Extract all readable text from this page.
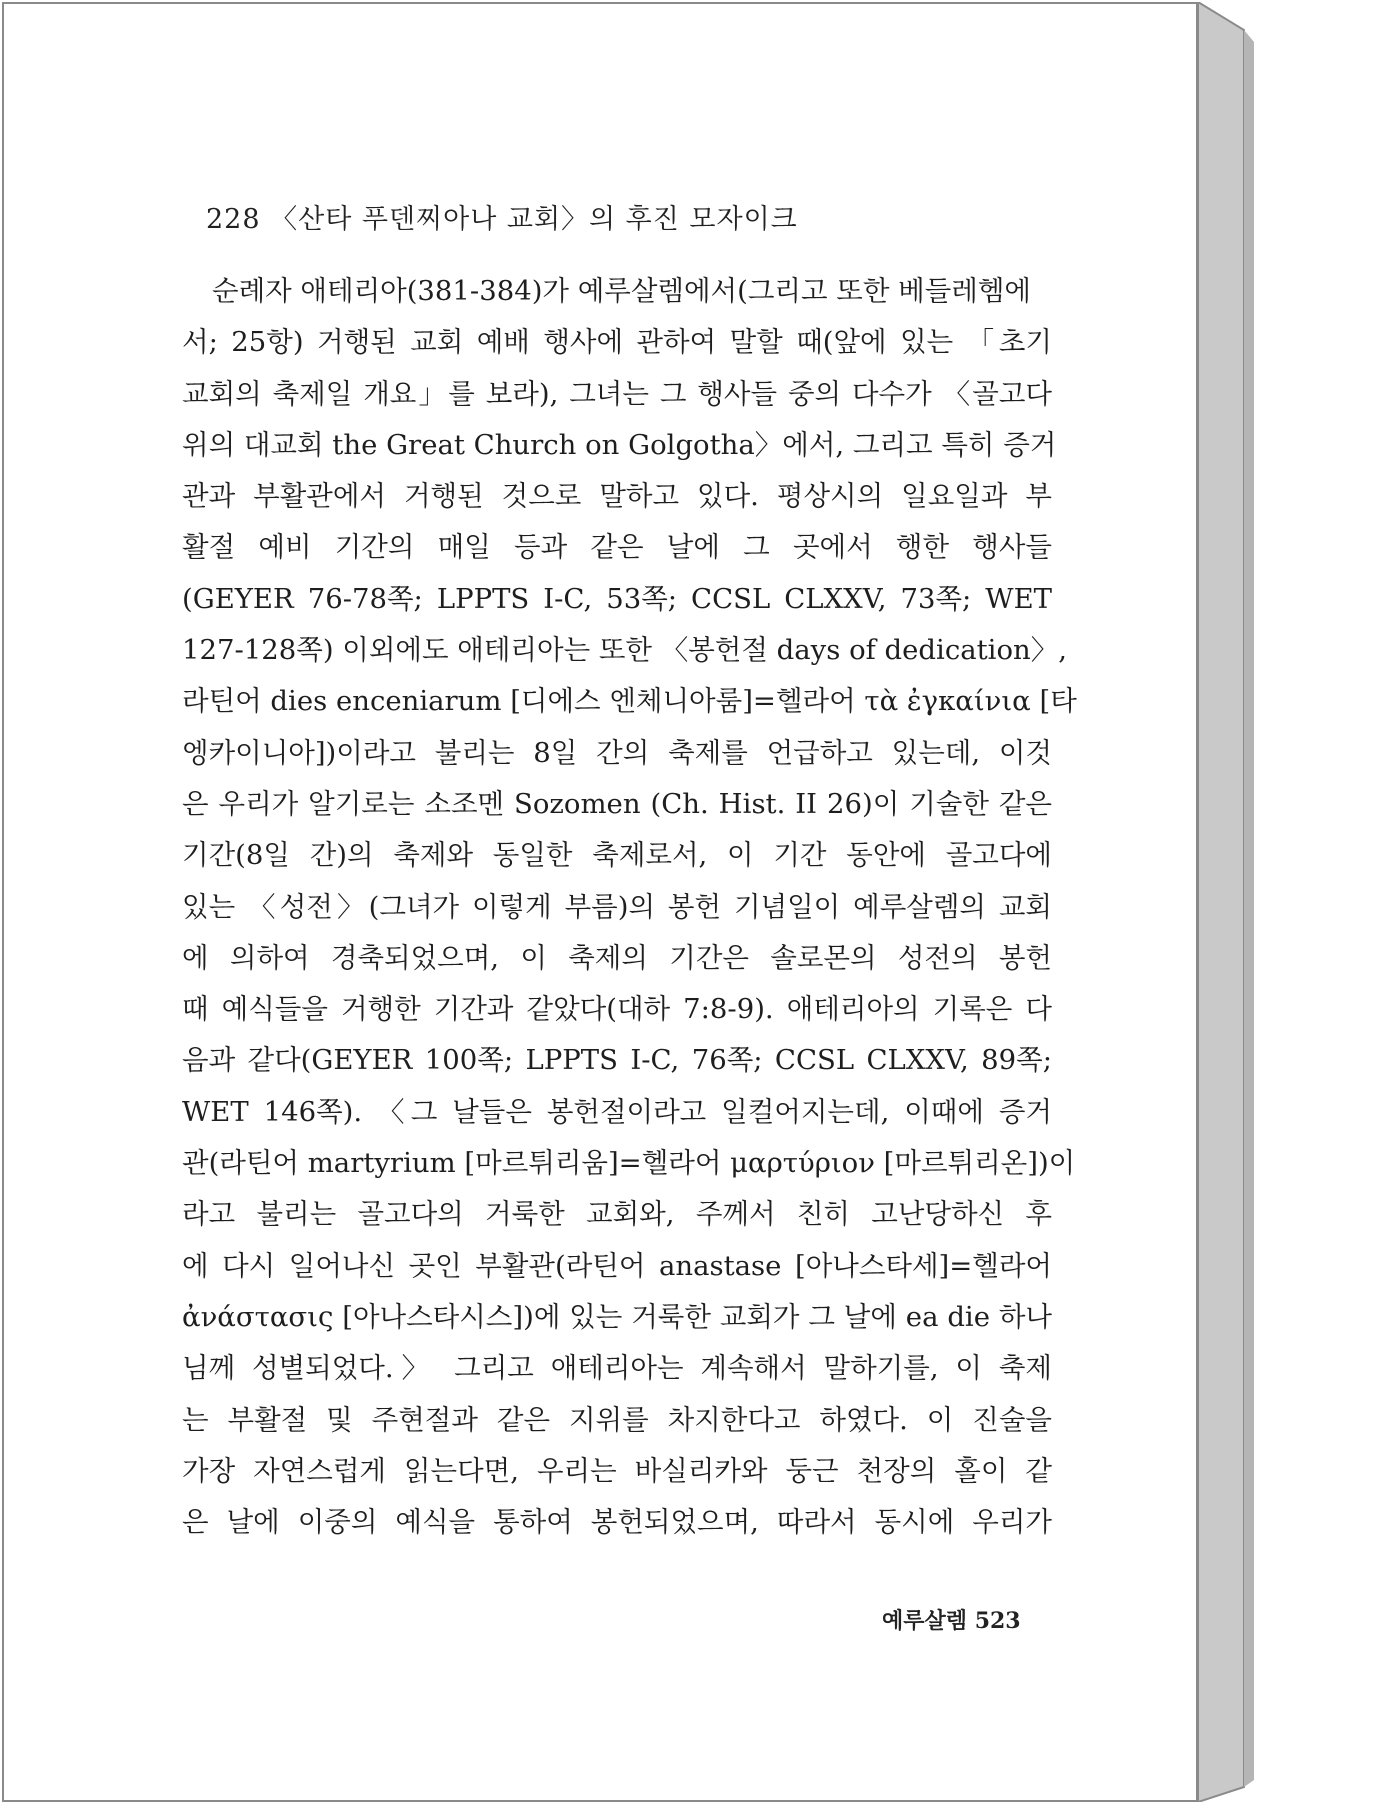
228 〈산타 푸덴찌아나 교회〉의 후진 모자이크
순례자 애테리아(381-384)가 예루살렘에서(그리고 또한 베들레헴에
서; 25항) 거행된 교회 예배 행사에 관하여 말할 때(앞에 있는 「초기
교회의 축제일 개요」를 보라), 그녀는 그 행사들 중의 다수가 〈골고다
위의 대교회 the Great Church on Golgotha〉에서, 그리고 특히 증거
관과 부활관에서 거행된 것으로 말하고 있다. 평상시의 일요일과 부
활절 예비 기간의 매일 등과 같은 날에 그 곳에서 행한 행사들
(GEYER 76-78쪽; LPPTS I-C, 53쪽; CCSL CLXXV, 73쪽; WET
127-128쪽) 이외에도 애테리아는 또한 〈봉헌절 days of dedication〉,
라틴어 dies enceniarum [디에스 엔체니아룸]=헬라어 τὰ ἐγκαίνια [타
엥카이니아])이라고 불리는 8일 간의 축제를 언급하고 있는데, 이것
은 우리가 알기로는 소조멘 Sozomen (Ch. Hist. II 26)이 기술한 같은
기간(8일 간)의 축제와 동일한 축제로서, 이 기간 동안에 골고다에
있는 〈성전〉(그녀가 이렇게 부름)의 봉헌 기념일이 예루살렘의 교회
에 의하여 경축되었으며, 이 축제의 기간은 솔로몬의 성전의 봉헌
때 예식들을 거행한 기간과 같았다(대하 7:8-9). 애테리아의 기록은 다
음과 같다(GEYER 100쪽; LPPTS I-C, 76쪽; CCSL CLXXV, 89쪽;
WET 146쪽). 〈그 날들은 봉헌절이라고 일컬어지는데, 이때에 증거
관(라틴어 martyrium [마르튀리움]=헬라어 μαρτύριον [마르튀리온])이
라고 불리는 골고다의 거룩한 교회와, 주께서 친히 고난당하신 후
에 다시 일어나신 곳인 부활관(라틴어 anastase [아나스타세]=헬라어
ἀνάστασις [아나스타시스])에 있는 거룩한 교회가 그 날에 ea die 하나
님께 성별되었다.〉 그리고 애테리아는 계속해서 말하기를, 이 축제
는 부활절 및 주현절과 같은 지위를 차지한다고 하였다. 이 진술을
가장 자연스럽게 읽는다면, 우리는 바실리카와 둥근 천장의 홀이 같
은 날에 이중의 예식을 통하여 봉헌되었으며, 따라서 동시에 우리가
예루살렘 523
